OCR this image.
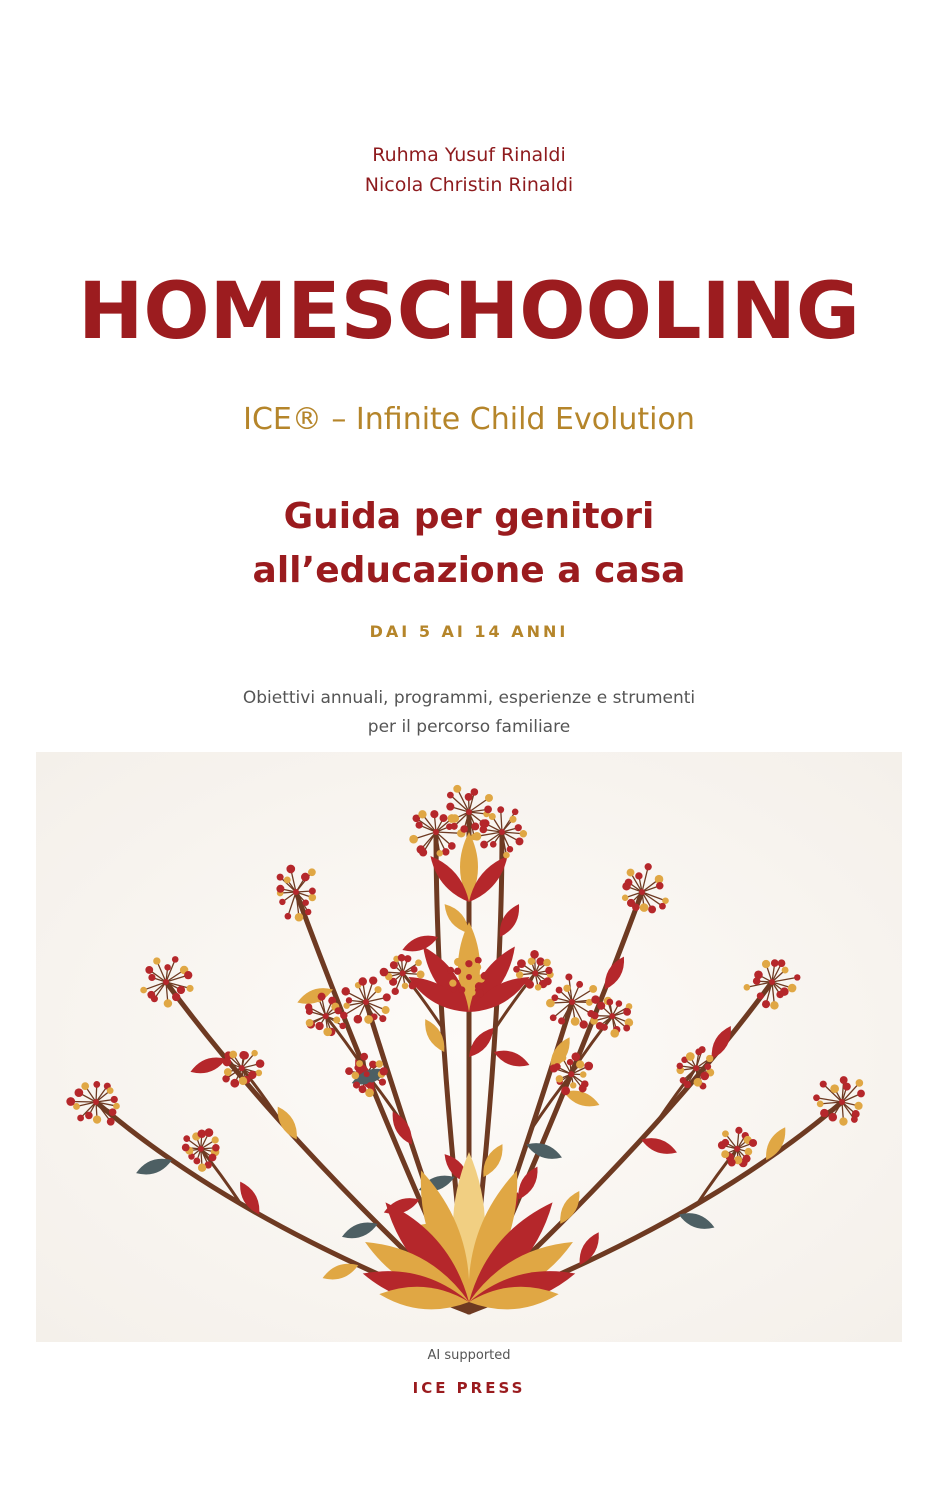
Ruhma Yusuf Rinaldi
Nicola Christin Rinaldi
HOMESCHOOLING
ICE® – Infinite Child Evolution
Guida per genitori
all’educazione a casa
DAI 5 AI 14 ANNI
Obiettivi annuali, programmi, esperienze e strumenti
per il percorso familiare
AI supported
ICE PRESS
